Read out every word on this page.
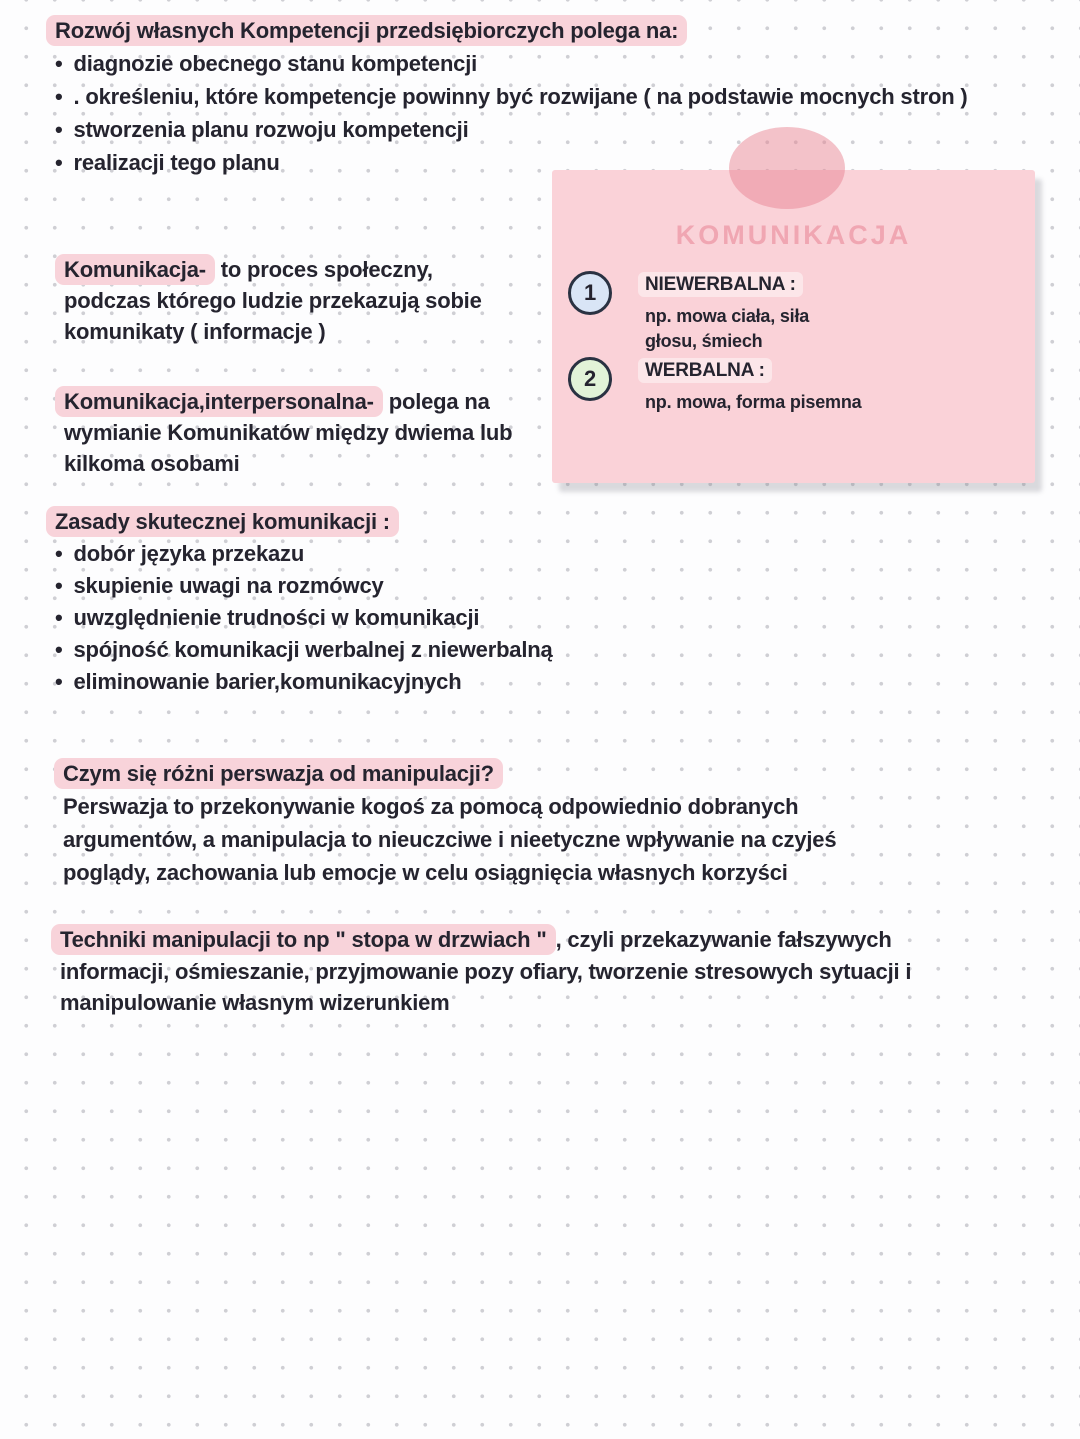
Rozwój własnych Kompetencji przedsiębiorczych polega na:
• diagnozie obecnego stanu kompetencji
• . określeniu, które kompetencje powinny być rozwijane ( na podstawie mocnych stron )
• stworzenia planu rozwoju kompetencji
• realizacji tego planu
Komunikacja- to proces społeczny,
podczas którego ludzie przekazują sobie
komunikaty ( informacje )
Komunikacja,interpersonalna- polega na
wymianie Komunikatów między dwiema lub
kilkoma osobami
Zasady skutecznej komunikacji :
• dobór języka przekazu
• skupienie uwagi na rozmówcy
• uwzględnienie trudności w komunikacji
• spójność komunikacji werbalnej z niewerbalną
• eliminowanie barier,komunikacyjnych
Czym się różni perswazja od manipulacji?
Perswazja to przekonywanie kogoś za pomocą odpowiednio dobranych
argumentów, a manipulacja to nieuczciwe i nieetyczne wpływanie na czyjeś
poglądy, zachowania lub emocje w celu osiągnięcia własnych korzyści
Techniki manipulacji to np " stopa w drzwiach " , czyli przekazywanie fałszywych
informacji, ośmieszanie, przyjmowanie pozy ofiary, tworzenie stresowych sytuacji i
manipulowanie własnym wizerunkiem
KOMUNIKACJA
1	NIEWERBALNA :
np. mowa ciała, siła
głosu, śmiech
2	WERBALNA :
np. mowa, forma pisemna
